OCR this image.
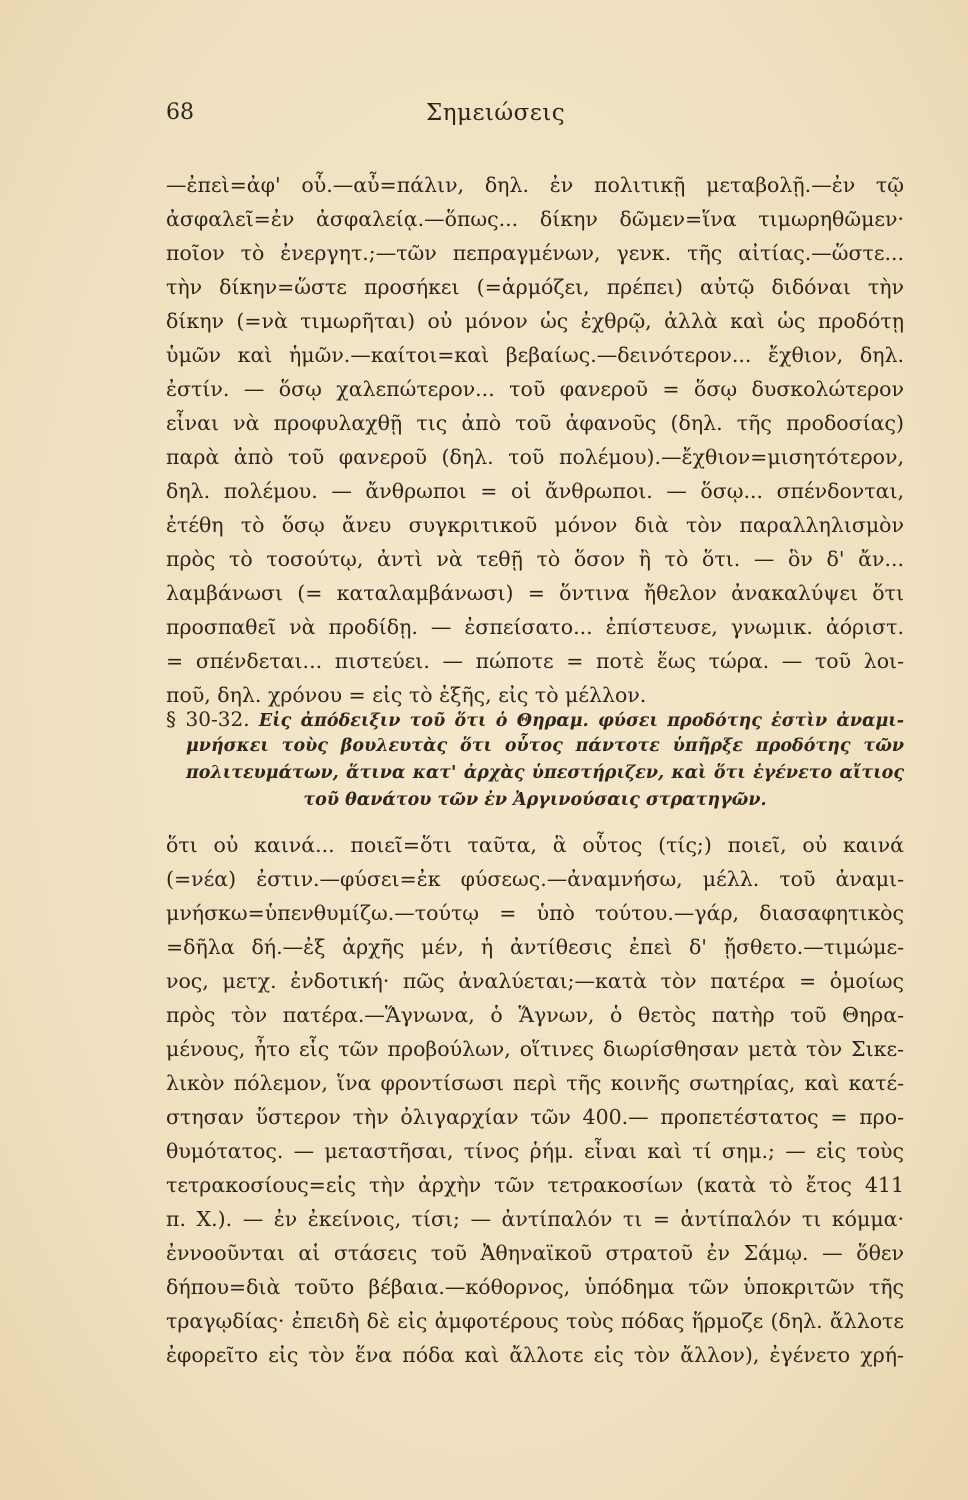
68	Σημειώσεις
—ἐπεὶ=ἀφ' οὗ.—αὖ=πάλιν, δηλ. ἐν πολιτικῇ μεταβολῇ.—ἐν τῷ
ἀσφαλεῖ=ἐν ἀσφαλείᾳ.—ὅπως... δίκην δῶμεν=ἵνα τιμωρηθῶμεν·
ποῖον τὸ ἐνεργητ.;—τῶν πεπραγμένων, γενκ. τῆς αἰτίας.—ὥστε...
τὴν δίκην=ὥστε προσήκει (=ἁρμόζει, πρέπει) αὐτῷ διδόναι τὴν
δίκην (=νὰ τιμωρῆται) οὐ μόνον ὡς ἐχθρῷ, ἀλλὰ καὶ ὡς προδότῃ
ὑμῶν καὶ ἡμῶν.—καίτοι=καὶ βεβαίως.—δεινότερον... ἔχθιον, δηλ.
ἐστίν. — ὅσῳ χαλεπώτερον... τοῦ φανεροῦ = ὅσῳ δυσκολώτερον
εἶναι νὰ προφυλαχθῇ τις ἀπὸ τοῦ ἀφανοῦς (δηλ. τῆς προδοσίας)
παρὰ ἀπὸ τοῦ φανεροῦ (δηλ. τοῦ πολέμου).—ἔχθιον=μισητότερον,
δηλ. πολέμου. — ἄνθρωποι = οἱ ἄνθρωποι. — ὅσῳ... σπένδονται,
ἐτέθη τὸ ὅσῳ ἄνευ συγκριτικοῦ μόνον διὰ τὸν παραλληλισμὸν
πρὸς τὸ τοσούτῳ, ἀντὶ νὰ τεθῇ τὸ ὅσον ἢ τὸ ὅτι. — ὃν δ' ἄν...
λαμβάνωσι (= καταλαμβάνωσι) = ὅντινα ἤθελον ἀνακαλύψει ὅτι
προσπαθεῖ νὰ προδίδῃ. — ἐσπείσατο... ἐπίστευσε, γνωμικ. ἀόριστ.
= σπένδεται... πιστεύει. — πώποτε = ποτὲ ἕως τώρα. — τοῦ λοι-
ποῦ, δηλ. χρόνου = εἰς τὸ ἑξῆς, εἰς τὸ μέλλον.
§ 30-32. Εἰς ἀπόδειξιν τοῦ ὅτι ὁ Θηραμ. φύσει προδότης ἐστὶν ἀναμι-
μνήσκει τοὺς βουλευτὰς ὅτι οὗτος πάντοτε ὑπῆρξε προδότης τῶν
πολιτευμάτων, ἅτινα κατ' ἀρχὰς ὑπεστήριζεν, καὶ ὅτι ἐγένετο αἴτιος
τοῦ θανάτου τῶν ἐν Ἀργινούσαις στρατηγῶν.
ὅτι οὐ καινά... ποιεῖ=ὅτι ταῦτα, ἃ οὗτος (τίς;) ποιεῖ, οὐ καινά
(=νέα) ἐστιν.—φύσει=ἐκ φύσεως.—ἀναμνήσω, μέλλ. τοῦ ἀναμι-
μνήσκω=ὑπενθυμίζω.—τούτῳ = ὑπὸ τούτου.—γάρ, διασαφητικὸς
=δῆλα δή.—ἐξ ἀρχῆς μέν, ἡ ἀντίθεσις ἐπεὶ δ' ᾔσθετο.—τιμώμε-
νος, μετχ. ἐνδοτική· πῶς ἀναλύεται;—κατὰ τὸν πατέρα = ὁμοίως
πρὸς τὸν πατέρα.—Ἅγνωνα, ὁ Ἅγνων, ὁ θετὸς πατὴρ τοῦ Θηρα-
μένους, ἦτο εἷς τῶν προβούλων, οἵτινες διωρίσθησαν μετὰ τὸν Σικε-
λικὸν πόλεμον, ἵνα φροντίσωσι περὶ τῆς κοινῆς σωτηρίας, καὶ κατέ-
στησαν ὕστερον τὴν ὀλιγαρχίαν τῶν 400.— προπετέστατος = προ-
θυμότατος. — μεταστῆσαι, τίνος ῥήμ. εἶναι καὶ τί σημ.; — εἰς τοὺς
τετρακοσίους=εἰς τὴν ἀρχὴν τῶν τετρακοσίων (κατὰ τὸ ἔτος 411
π. Χ.). — ἐν ἐκείνοις, τίσι; — ἀντίπαλόν τι = ἀντίπαλόν τι κόμμα·
ἐννοοῦνται αἱ στάσεις τοῦ Ἀθηναϊκοῦ στρατοῦ ἐν Σάμῳ. — ὅθεν
δήπου=διὰ τοῦτο βέβαια.—κόθορνος, ὑπόδημα τῶν ὑποκριτῶν τῆς
τραγῳδίας· ἐπειδὴ δὲ εἰς ἀμφοτέρους τοὺς πόδας ἥρμοζε (δηλ. ἄλλοτε
ἐφορεῖτο εἰς τὸν ἕνα πόδα καὶ ἄλλοτε εἰς τὸν ἄλλον), ἐγένετο χρή-
